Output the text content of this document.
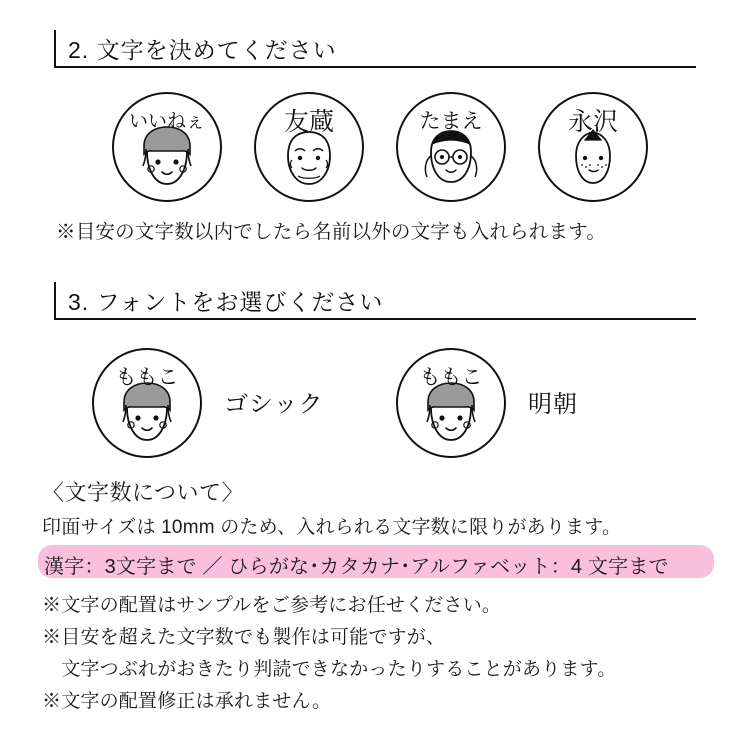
2. 文字を決めてください
いいねぇ	友蔵	たまえ	永沢
※目安の文字数以内でしたら名前以外の文字も入れられます。
3. フォントをお選びください
ももこ
ゴシック
ももこ
明朝
〈文字数について〉
印面サイズは 10mm のため、入れられる文字数に限りがあります。
漢字：3文字まで ／ ひらがな･カタカナ･アルファベット：4 文字まで
※文字の配置はサンプルをご参考にお任せください。
※目安を超えた文字数でも製作は可能ですが、
　文字つぶれがおきたり判読できなかったりすることがあります。
※文字の配置修正は承れません。
